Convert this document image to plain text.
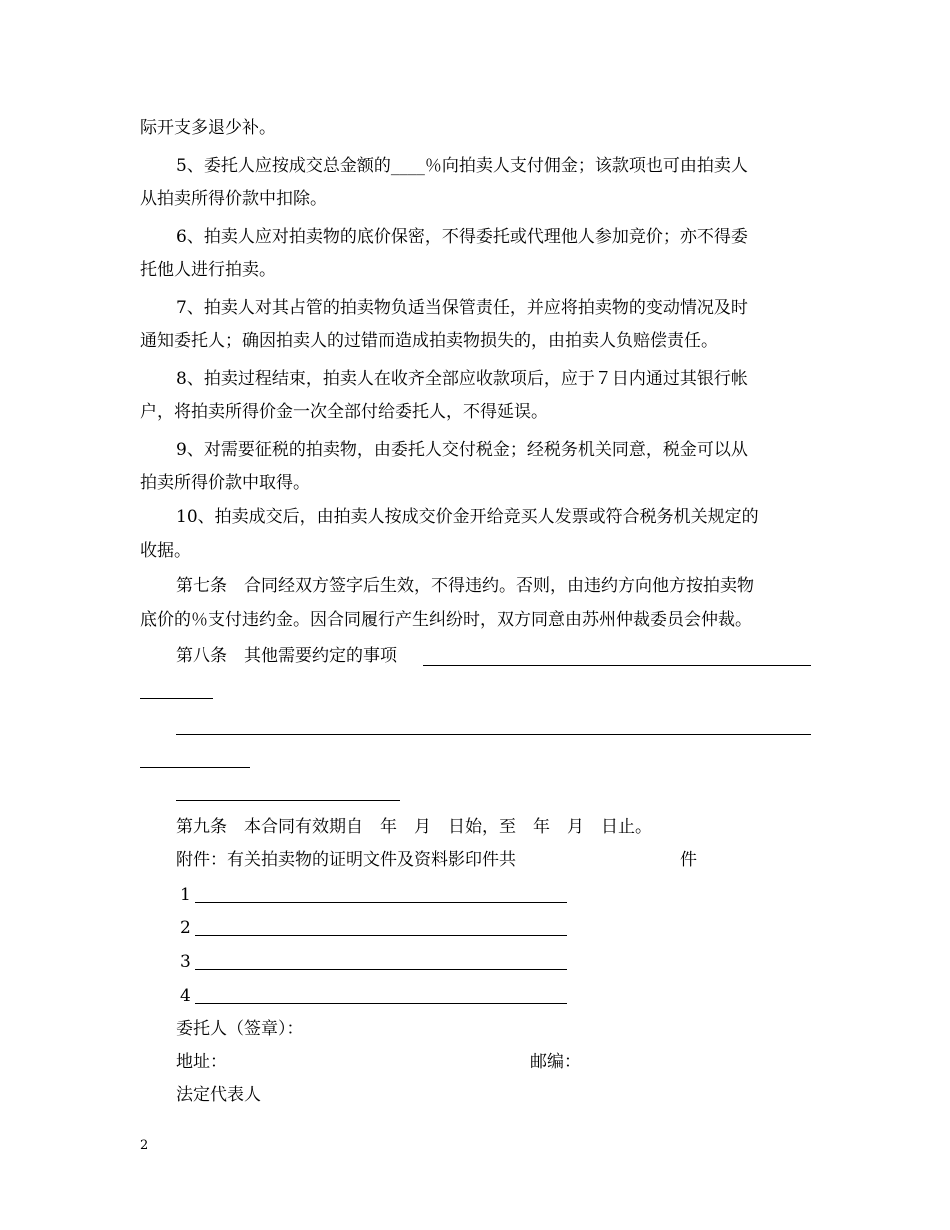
际开支多退少补。
5、委托人应按成交总金额的____％向拍卖人支付佣金；该款项也可由拍卖人
从拍卖所得价款中扣除。
6、拍卖人应对拍卖物的底价保密，不得委托或代理他人参加竞价；亦不得委
托他人进行拍卖。
7、拍卖人对其占管的拍卖物负适当保管责任，并应将拍卖物的变动情况及时
通知委托人；确因拍卖人的过错而造成拍卖物损失的，由拍卖人负赔偿责任。
8、拍卖过程结束，拍卖人在收齐全部应收款项后，应于７日内通过其银行帐
户，将拍卖所得价金一次全部付给委托人，不得延误。
9、对需要征税的拍卖物，由委托人交付税金；经税务机关同意，税金可以从
拍卖所得价款中取得。
10、拍卖成交后，由拍卖人按成交价金开给竞买人发票或符合税务机关规定的
收据。
第七条　合同经双方签字后生效，不得违约。否则，由违约方向他方按拍卖物
底价的％支付违约金。因合同履行产生纠纷时，双方同意由苏州仲裁委员会仲裁。
第八条　其他需要约定的事项
第九条　本合同有效期自　年　月　日始，至　年　月　日止。
附件：有关拍卖物的证明文件及资料影印件共	件
1
2
3
4
委托人（签章）：
地址：	邮编：
法定代表人
2
